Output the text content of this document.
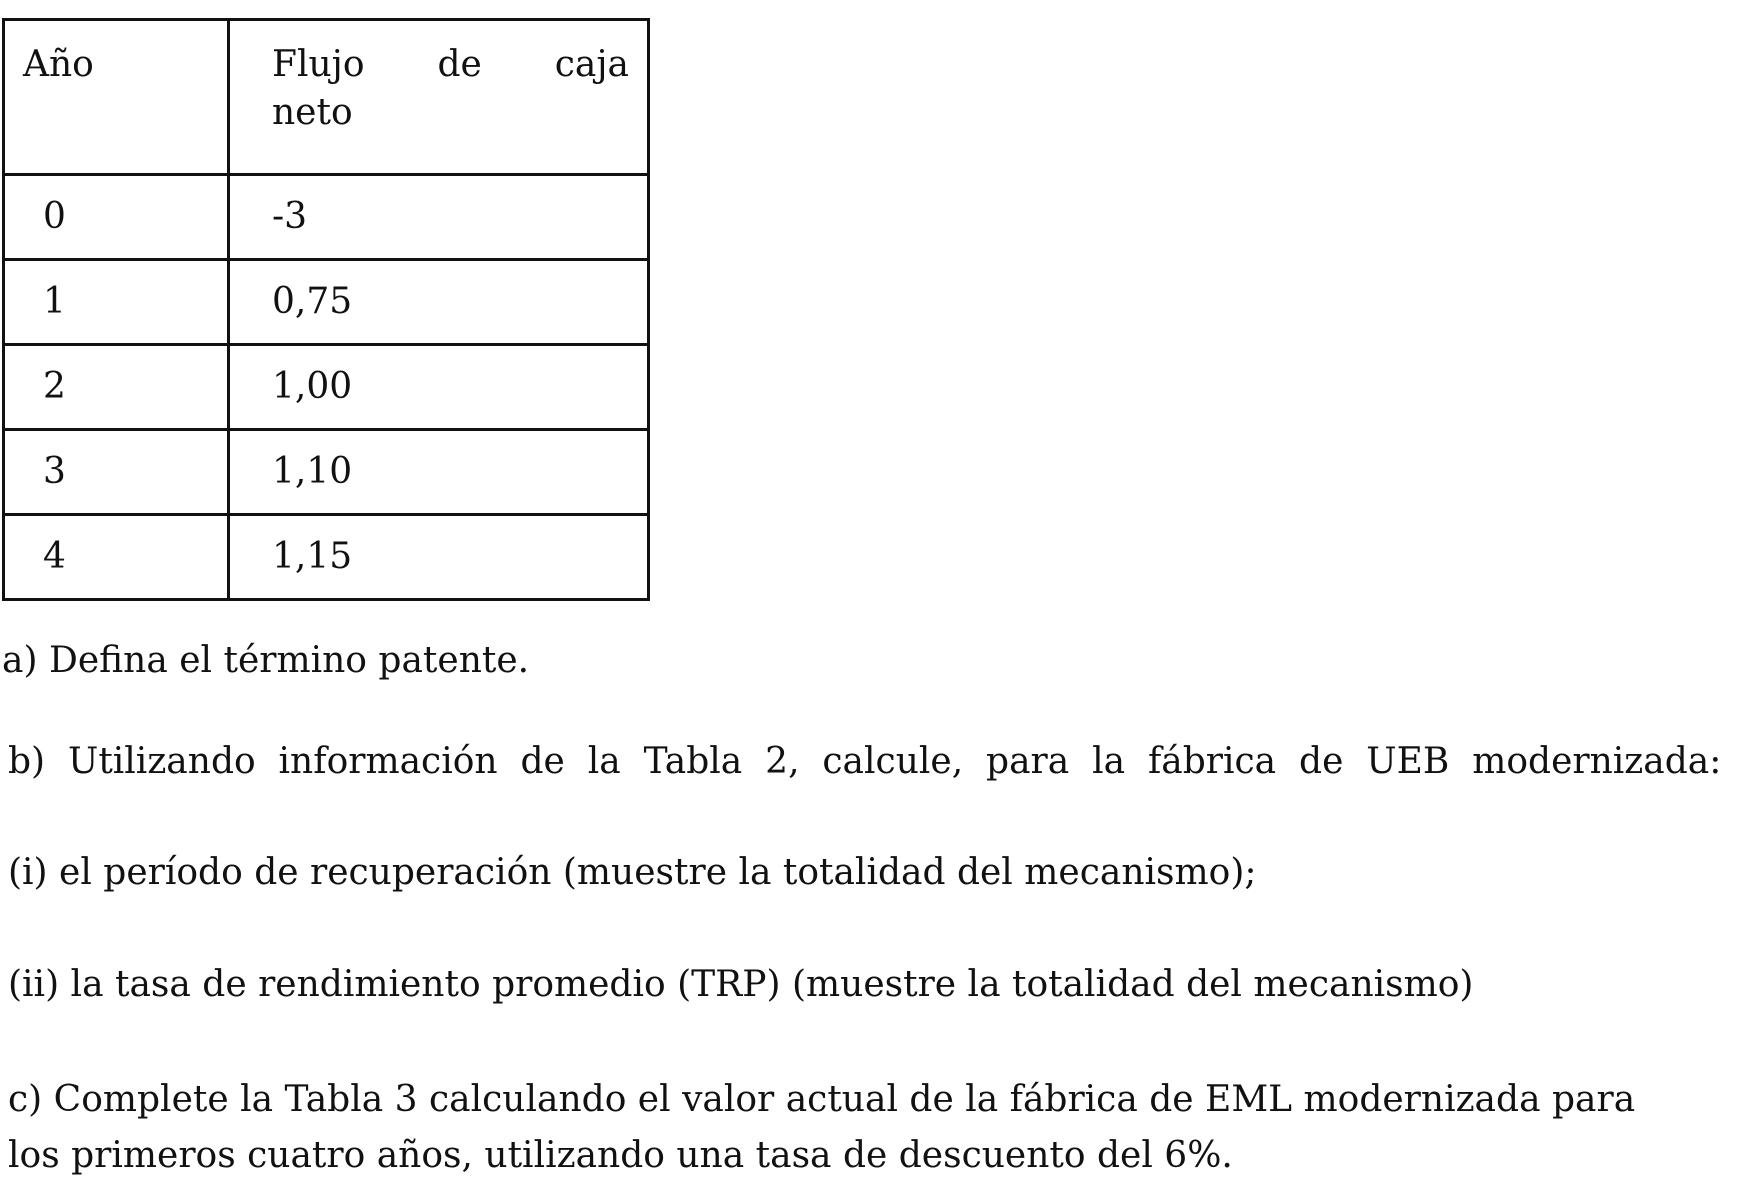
Año	Flujo de caja
neto

0	-3
1	0,75
2	1,00
3	1,10
4	1,15

a) Defina el término patente.

b)  Utilizando  información  de  la  Tabla  2,  calcule,  para  la  fábrica  de  UEB  modernizada:

(i) el período de recuperación (muestre la totalidad del mecanismo);

(ii) la tasa de rendimiento promedio (TRP) (muestre la totalidad del mecanismo)

c) Complete la Tabla 3 calculando el valor actual de la fábrica de EML modernizada para

los primeros cuatro años, utilizando una tasa de descuento del 6%.
